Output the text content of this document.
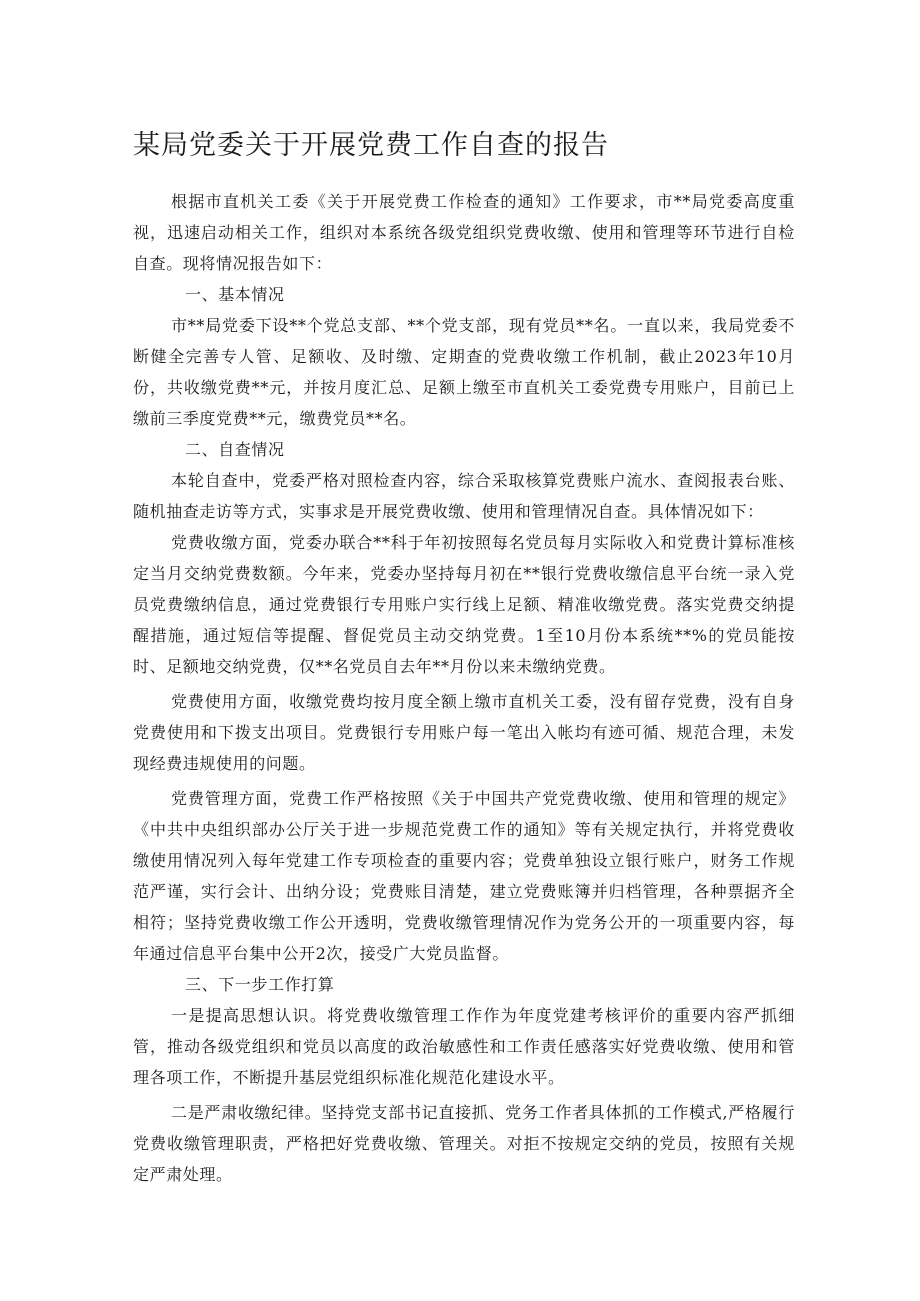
某局党委关于开展党费工作自查的报告

根据市直机关工委《关于开展党费工作检查的通知》工作要求，市**局党委高度重视，迅速启动相关工作，组织对本系统各级党组织党费收缴、使用和管理等环节进行自检自查。现将情况报告如下：

一、基本情况

市**局党委下设**个党总支部、**个党支部，现有党员**名。一直以来，我局党委不断健全完善专人管、足额收、及时缴、定期查的党费收缴工作机制，截止2023年10月份，共收缴党费**元，并按月度汇总、足额上缴至市直机关工委党费专用账户，目前已上缴前三季度党费**元，缴费党员**名。

二、自查情况

本轮自查中，党委严格对照检查内容，综合采取核算党费账户流水、查阅报表台账、随机抽查走访等方式，实事求是开展党费收缴、使用和管理情况自查。具体情况如下：

党费收缴方面，党委办联合**科于年初按照每名党员每月实际收入和党费计算标准核定当月交纳党费数额。今年来，党委办坚持每月初在**银行党费收缴信息平台统一录入党员党费缴纳信息，通过党费银行专用账户实行线上足额、精准收缴党费。落实党费交纳提醒措施，通过短信等提醒、督促党员主动交纳党费。1至10月份本系统**%的党员能按时、足额地交纳党费，仅**名党员自去年**月份以来未缴纳党费。

党费使用方面，收缴党费均按月度全额上缴市直机关工委，没有留存党费，没有自身党费使用和下拨支出项目。党费银行专用账户每一笔出入帐均有迹可循、规范合理，未发现经费违规使用的问题。

党费管理方面，党费工作严格按照《关于中国共产党党费收缴、使用和管理的规定》《中共中央组织部办公厅关于进一步规范党费工作的通知》等有关规定执行，并将党费收缴使用情况列入每年党建工作专项检查的重要内容；党费单独设立银行账户，财务工作规范严谨，实行会计、出纳分设；党费账目清楚，建立党费账簿并归档管理，各种票据齐全相符；坚持党费收缴工作公开透明，党费收缴管理情况作为党务公开的一项重要内容，每年通过信息平台集中公开2次，接受广大党员监督。

三、下一步工作打算

一是提高思想认识。将党费收缴管理工作作为年度党建考核评价的重要内容严抓细管，推动各级党组织和党员以高度的政治敏感性和工作责任感落实好党费收缴、使用和管理各项工作，不断提升基层党组织标准化规范化建设水平。

二是严肃收缴纪律。坚持党支部书记直接抓、党务工作者具体抓的工作模式,严格履行党费收缴管理职责，严格把好党费收缴、管理关。对拒不按规定交纳的党员，按照有关规定严肃处理。
